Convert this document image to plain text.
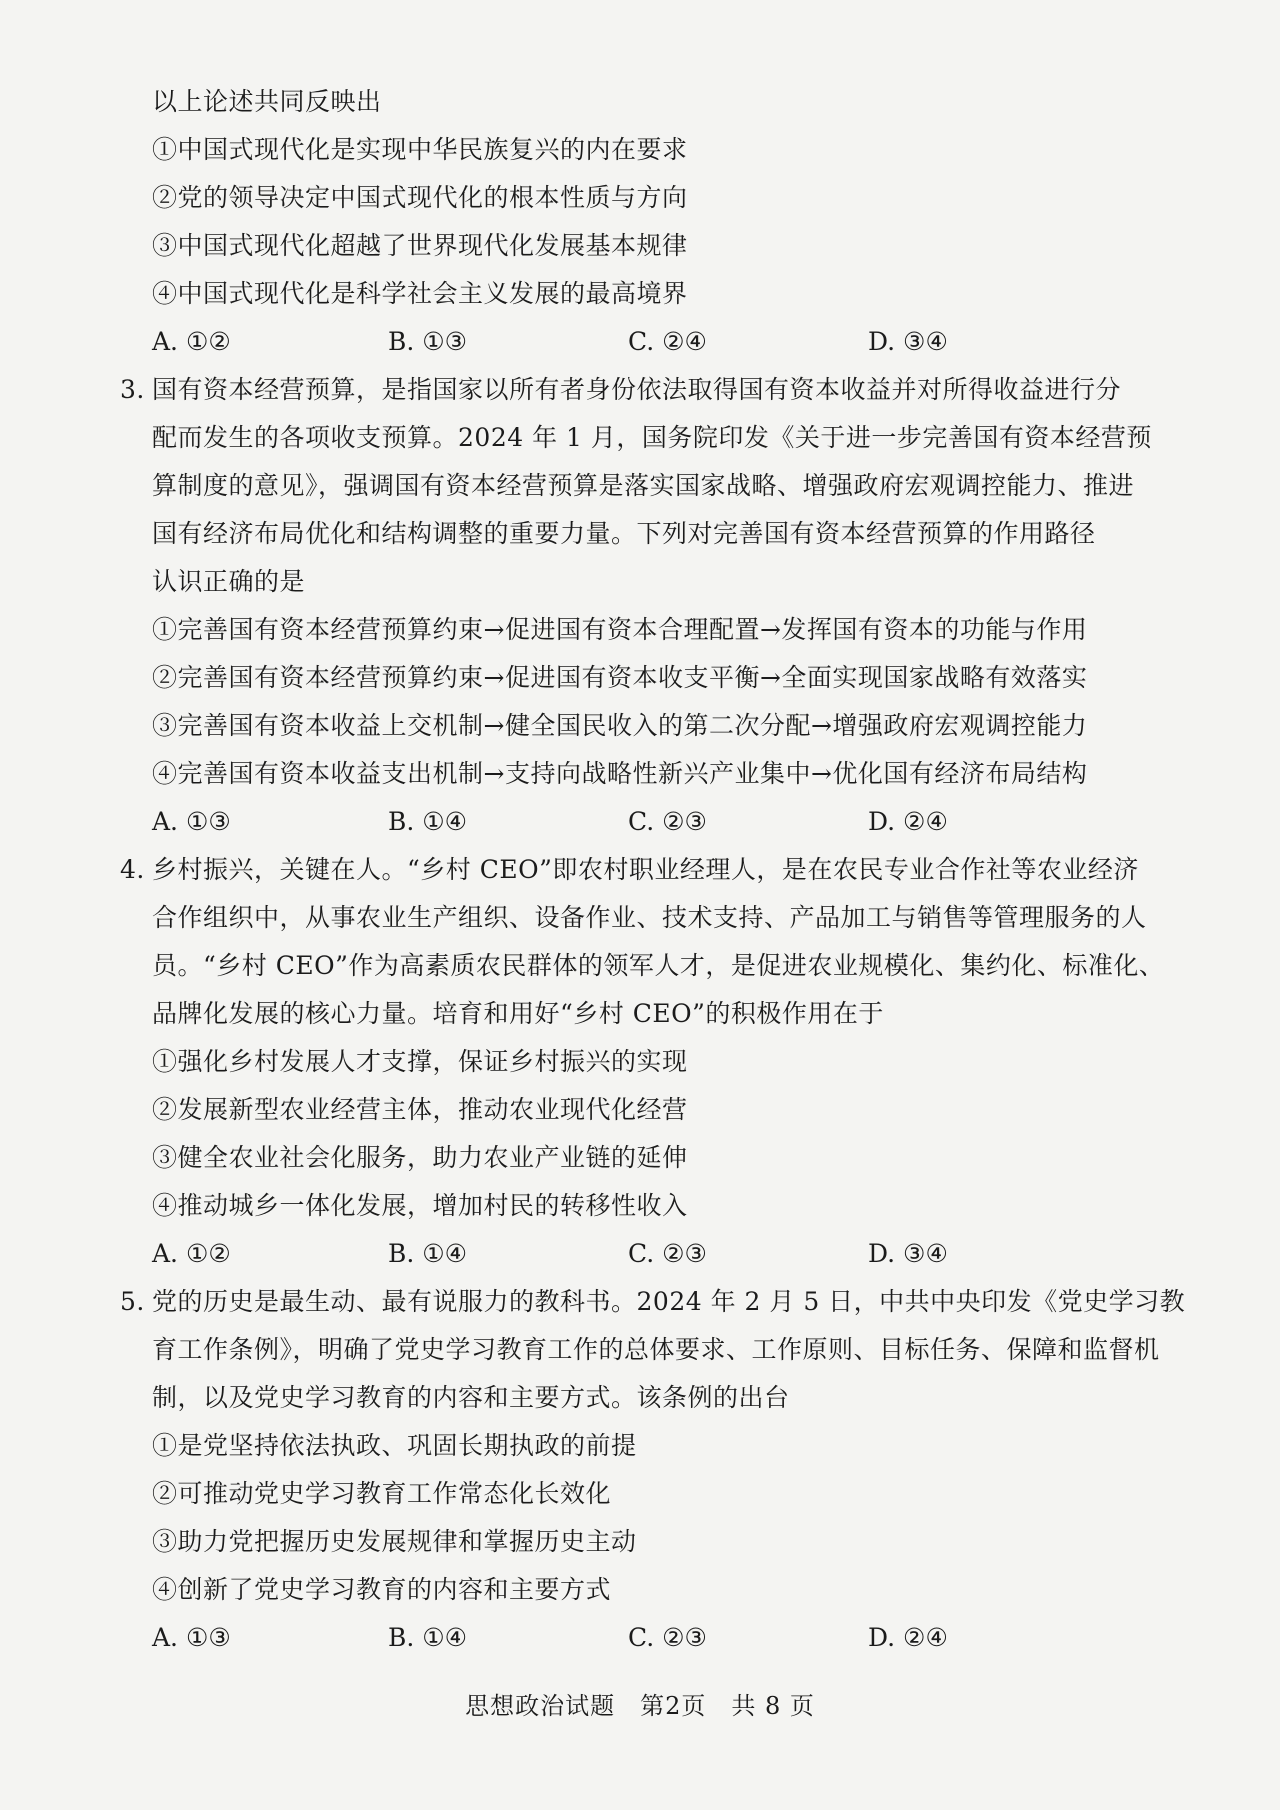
以上论述共同反映出
①中国式现代化是实现中华民族复兴的内在要求
②党的领导决定中国式现代化的根本性质与方向
③中国式现代化超越了世界现代化发展基本规律
④中国式现代化是科学社会主义发展的最高境界
A. ①②	B. ①③	C. ②④	D. ③④
3. 国有资本经营预算，是指国家以所有者身份依法取得国有资本收益并对所得收益进行分
配而发生的各项收支预算。2024 年 1 月，国务院印发《关于进一步完善国有资本经营预
算制度的意见》，强调国有资本经营预算是落实国家战略、增强政府宏观调控能力、推进
国有经济布局优化和结构调整的重要力量。下列对完善国有资本经营预算的作用路径
认识正确的是
①完善国有资本经营预算约束→促进国有资本合理配置→发挥国有资本的功能与作用
②完善国有资本经营预算约束→促进国有资本收支平衡→全面实现国家战略有效落实
③完善国有资本收益上交机制→健全国民收入的第二次分配→增强政府宏观调控能力
④完善国有资本收益支出机制→支持向战略性新兴产业集中→优化国有经济布局结构
A. ①③	B. ①④	C. ②③	D. ②④
4. 乡村振兴，关键在人。“乡村 CEO”即农村职业经理人，是在农民专业合作社等农业经济
合作组织中，从事农业生产组织、设备作业、技术支持、产品加工与销售等管理服务的人
员。“乡村 CEO”作为高素质农民群体的领军人才，是促进农业规模化、集约化、标准化、
品牌化发展的核心力量。培育和用好“乡村 CEO”的积极作用在于
①强化乡村发展人才支撑，保证乡村振兴的实现
②发展新型农业经营主体，推动农业现代化经营
③健全农业社会化服务，助力农业产业链的延伸
④推动城乡一体化发展，增加村民的转移性收入
A. ①②	B. ①④	C. ②③	D. ③④
5. 党的历史是最生动、最有说服力的教科书。2024 年 2 月 5 日，中共中央印发《党史学习教
育工作条例》，明确了党史学习教育工作的总体要求、工作原则、目标任务、保障和监督机
制，以及党史学习教育的内容和主要方式。该条例的出台
①是党坚持依法执政、巩固长期执政的前提
②可推动党史学习教育工作常态化长效化
③助力党把握历史发展规律和掌握历史主动
④创新了党史学习教育的内容和主要方式
A. ①③	B. ①④	C. ②③	D. ②④
思想政治试题　第2页　共 8 页
